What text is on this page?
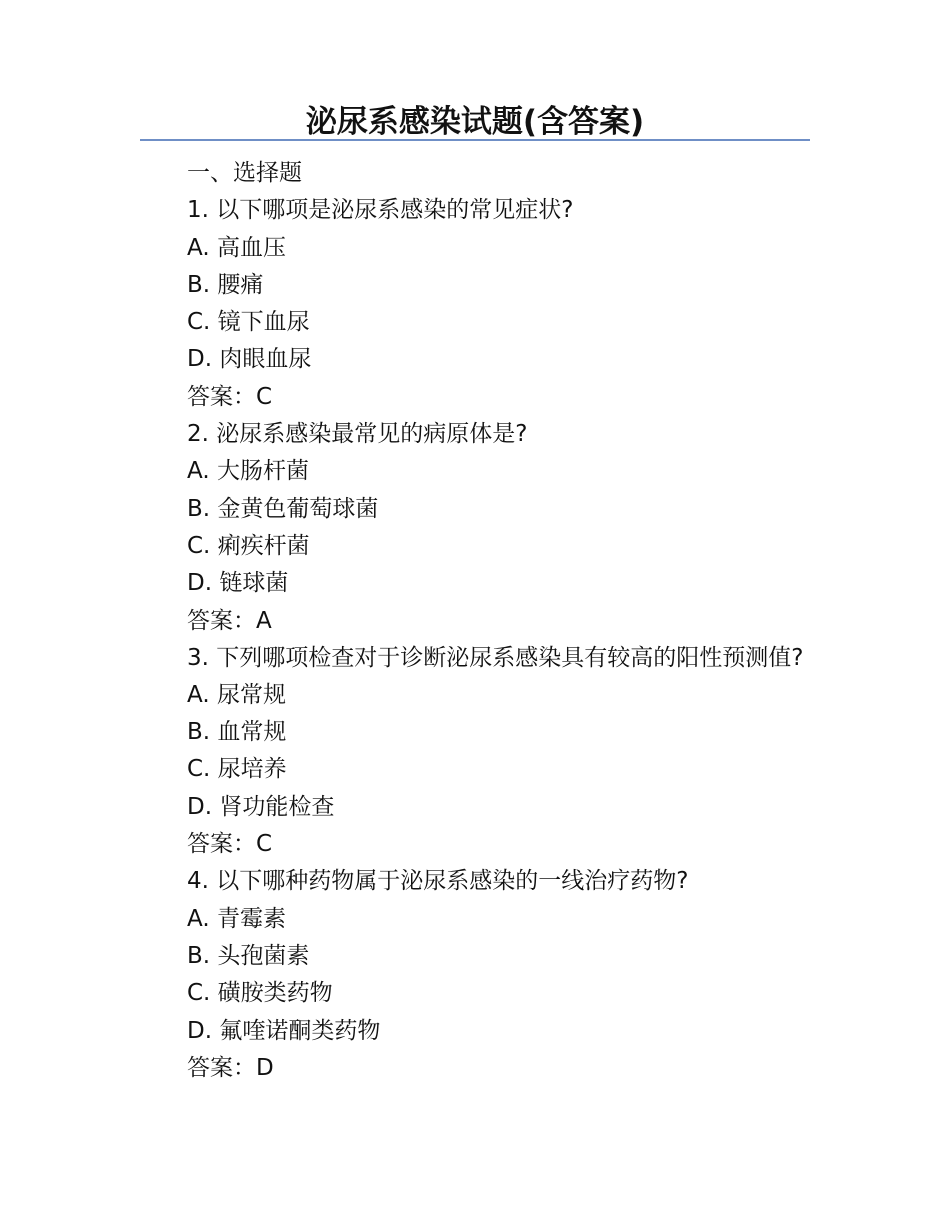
泌尿系感染试题(含答案)
一、选择题
1. 以下哪项是泌尿系感染的常见症状?
A. 高血压
B. 腰痛
C. 镜下血尿
D. 肉眼血尿
答案：C
2. 泌尿系感染最常见的病原体是?
A. 大肠杆菌
B. 金黄色葡萄球菌
C. 痢疾杆菌
D. 链球菌
答案：A
3. 下列哪项检查对于诊断泌尿系感染具有较高的阳性预测值?
A. 尿常规
B. 血常规
C. 尿培养
D. 肾功能检查
答案：C
4. 以下哪种药物属于泌尿系感染的一线治疗药物?
A. 青霉素
B. 头孢菌素
C. 磺胺类药物
D. 氟喹诺酮类药物
答案：D
